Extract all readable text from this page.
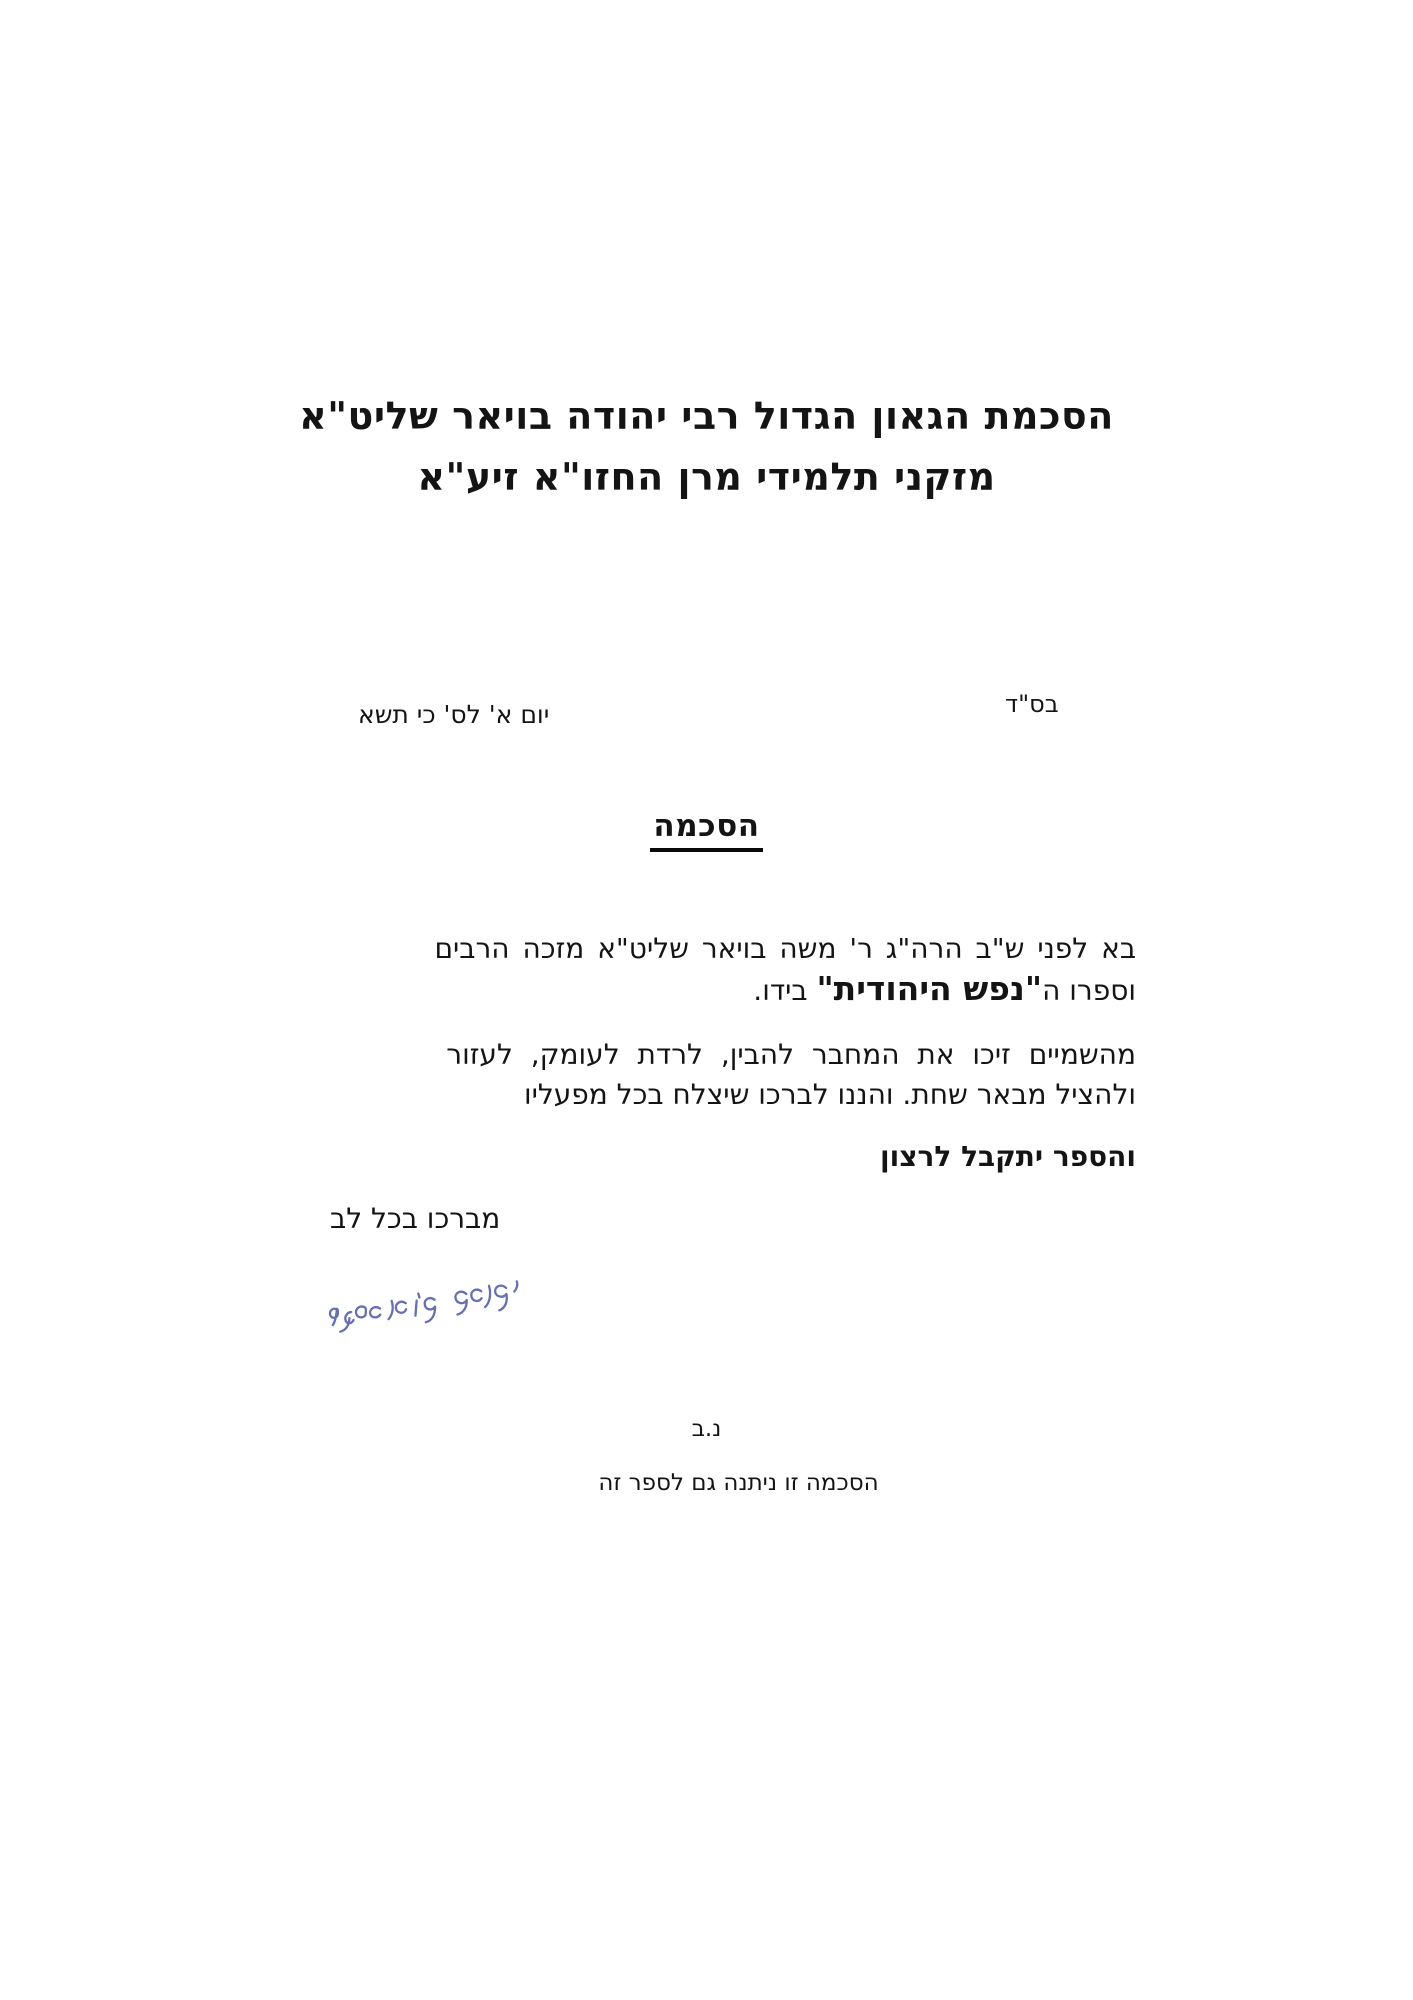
הסכמת הגאון הגדול רבי יהודה בויאר שליט"א
מזקני תלמידי מרן החזו"א זיע"א
בס"ד
יום א' לס' כי תשא
הסכמה
בא לפני ש"ב הרה"ג ר' משה בויאר שליט"א מזכה הרבים
וספרו ה"נפש היהודית" בידו.
מהשמיים זיכו את המחבר להבין, לרדת לעומק, לעזור
ולהציל מבאר שחת. והננו לברכו שיצלח בכל מפעליו
והספר יתקבל לרצון
מברכו בכל לב
נ.ב
הסכמה זו ניתנה גם לספר זה
